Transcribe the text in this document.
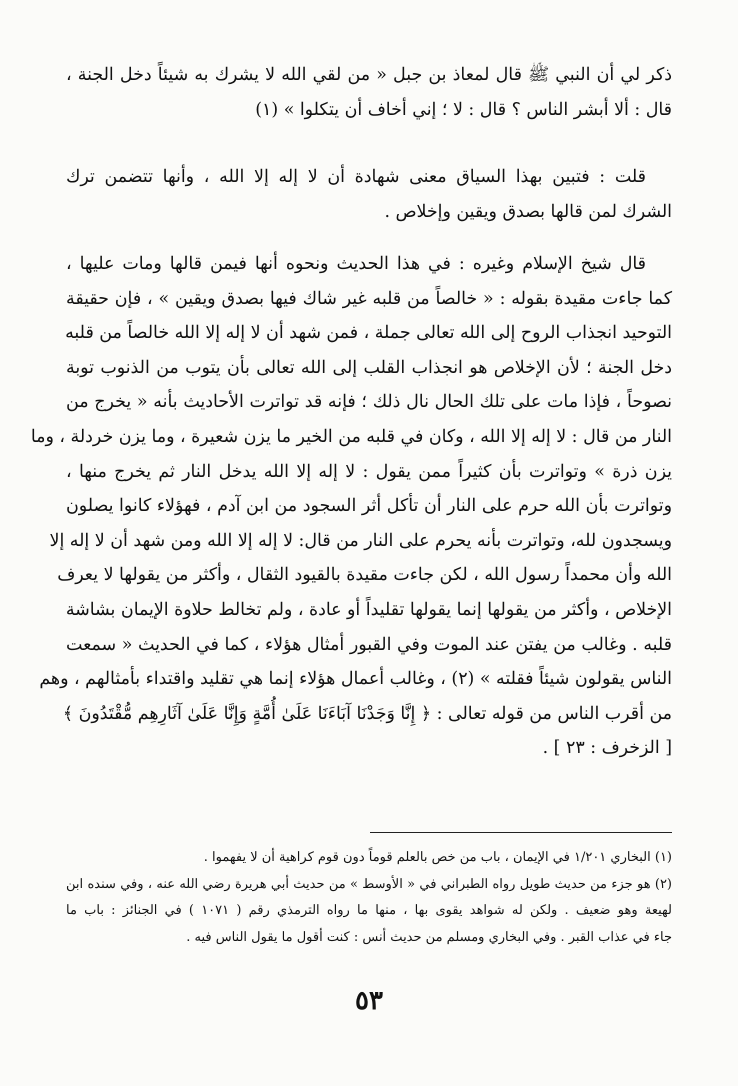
ذكر لي أن النبي ﷺ قال لمعاذ بن جبل « من لقي الله لا يشرك به شيئاً دخل الجنة ،
قال : ألا أبشر الناس ؟ قال : لا ؛ إني أخاف أن يتكلوا » (١)
قلت : فتبين بهذا السياق معنى شهادة أن لا إله إلا الله ، وأنها تتضمن ترك
الشرك لمن قالها بصدق ويقين وإخلاص .
قال شيخ الإسلام وغيره : في هذا الحديث ونحوه أنها فيمن قالها ومات عليها ،
كما جاءت مقيدة بقوله : « خالصاً من قلبه غير شاك فيها بصدق ويقين » ، فإن حقيقة
التوحيد انجذاب الروح إلى الله تعالى جملة ، فمن شهد أن لا إله إلا الله خالصاً من قلبه
دخل الجنة ؛ لأن الإخلاص هو انجذاب القلب إلى الله تعالى بأن يتوب من الذنوب توبة
نصوحاً ، فإذا مات على تلك الحال نال ذلك ؛ فإنه قد تواترت الأحاديث بأنه « يخرج من
النار من قال : لا إله إلا الله ، وكان في قلبه من الخير ما يزن شعيرة ، وما يزن خردلة ، وما
يزن ذرة » وتواترت بأن كثيراً ممن يقول : لا إله إلا الله يدخل النار ثم يخرج منها ،
وتواترت بأن الله حرم على النار أن تأكل أثر السجود من ابن آدم ، فهؤلاء كانوا يصلون
ويسجدون لله، وتواترت بأنه يحرم على النار من قال: لا إله إلا الله ومن شهد أن لا إله إلا
الله وأن محمداً رسول الله ، لكن جاءت مقيدة بالقيود الثقال ، وأكثر من يقولها لا يعرف
الإخلاص ، وأكثر من يقولها إنما يقولها تقليداً أو عادة ، ولم تخالط حلاوة الإيمان بشاشة
قلبه . وغالب من يفتن عند الموت وفي القبور أمثال هؤلاء ، كما في الحديث « سمعت
الناس يقولون شيئاً فقلته » (٢) ، وغالب أعمال هؤلاء إنما هي تقليد واقتداء بأمثالهم ، وهم
من أقرب الناس من قوله تعالى : ﴿ إِنَّا وَجَدْنَا آبَاءَنَا عَلَىٰ أُمَّةٍ وَإِنَّا عَلَىٰ آثَارِهِم مُّقْتَدُونَ ﴾
[ الزخرف : ٢٣ ] .
(١) البخاري ١/٢٠١ في الإيمان ، باب من خص بالعلم قوماً دون قوم كراهية أن لا يفهموا .
(٢) هو جزء من حديث طويل رواه الطبراني في « الأوسط » من حديث أبي هريرة رضي الله عنه ، وفي سنده ابن
لهيعة وهو ضعيف . ولكن له شواهد يقوى بها ، منها ما رواه الترمذي رقم ( ١٠٧١ ) في الجنائز : باب ما
جاء في عذاب القبر . وفي البخاري ومسلم من حديث أنس : كنت أقول ما يقول الناس فيه .
٥٣
